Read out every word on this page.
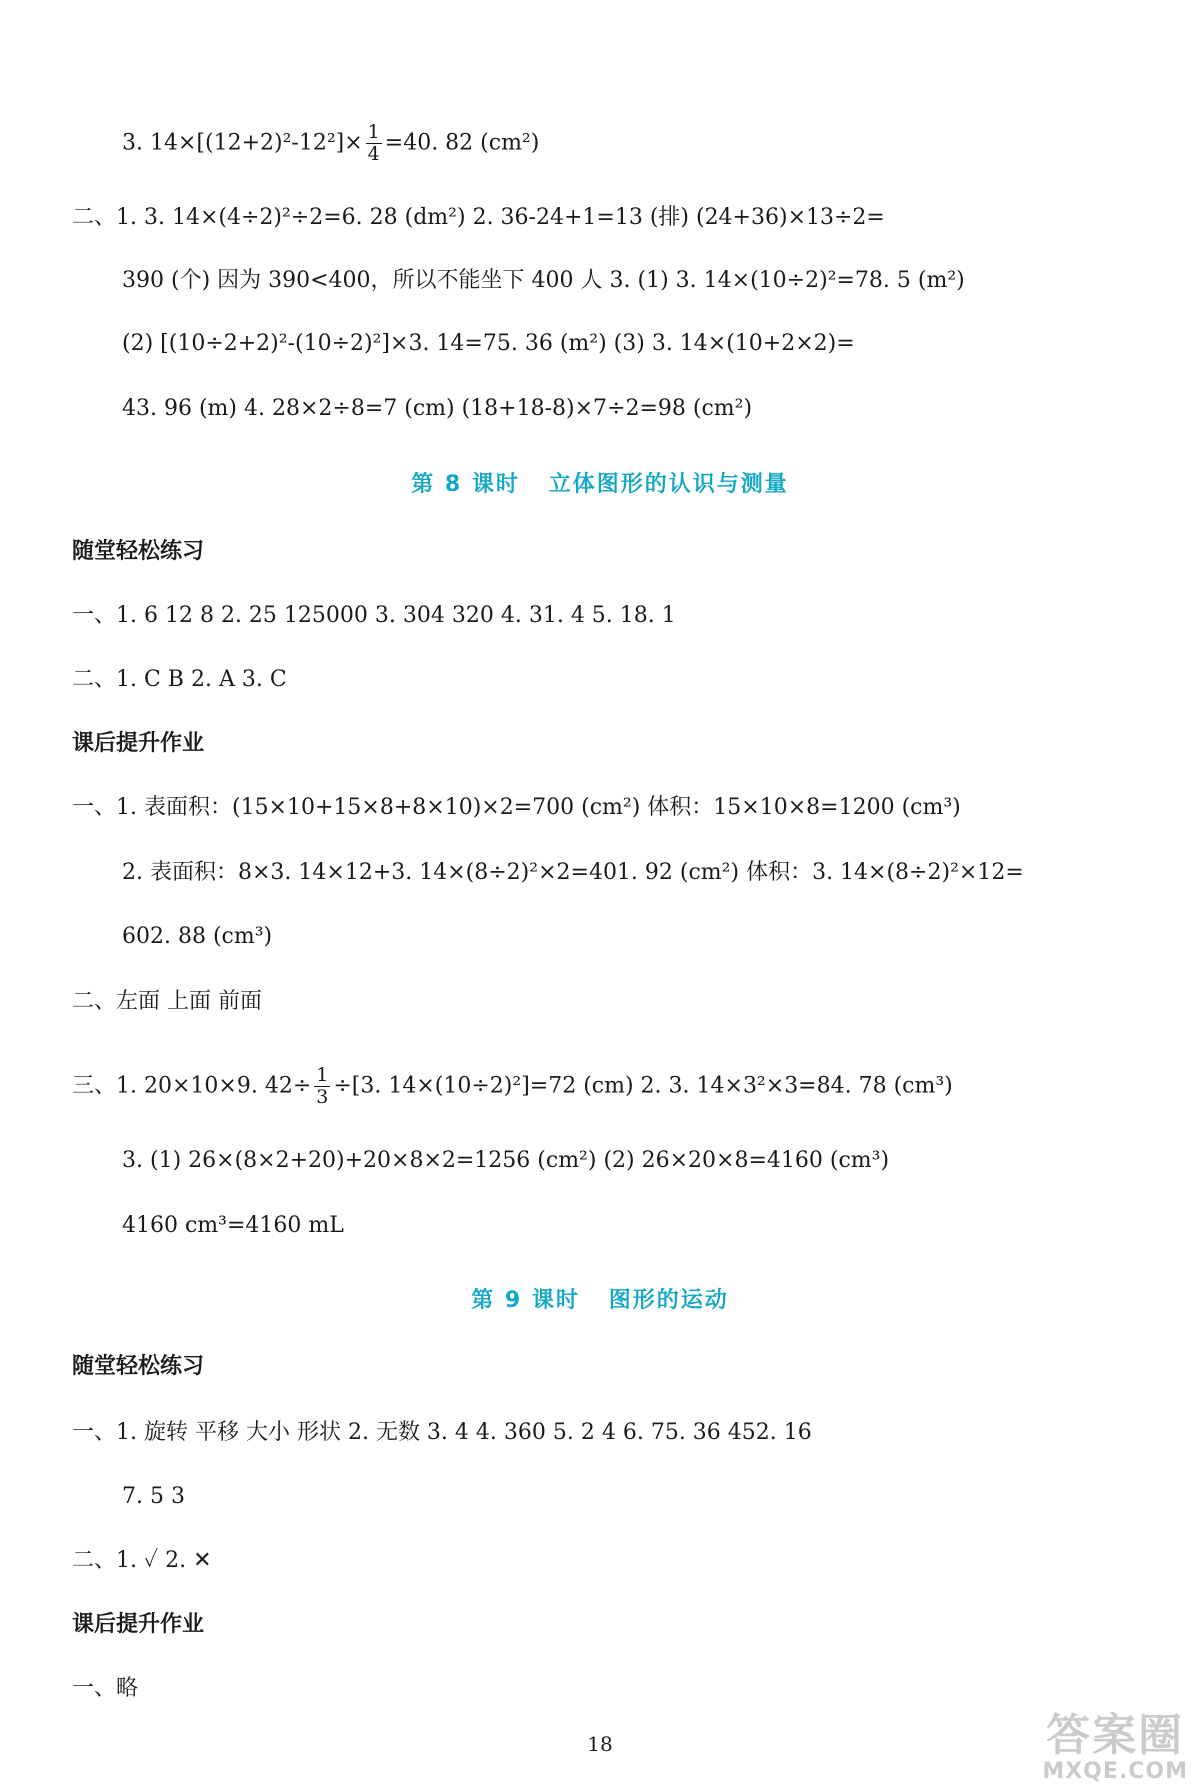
3. $14\times[(12+2)^2-12^2]\times \frac{1}{4} =40$. 82 (cm²)
二、1. 3. 14×(4÷2)²÷2=6. 28 (dm²) 2. 36-24+1=13 (排) (24+36)×13÷2=
390 (个) 因为 390<400，所以不能坐下 400 人 3. (1) 3. 14×(10÷2)²=78. 5 (m²)
(2) [(10÷2+2)²-(10÷2)²]×3. 14=75. 36 (m²) (3) 3. 14×(10+2×2)=
43. 96 (m) 4. 28×2÷8=7 (cm) (18+18-8)×7÷2=98 (cm²)
第 8 课时   立体图形的认识与测量
随堂轻松练习
一、1. 6 12 8 2. 25 125000 3. 304 320 4. 31. 4 5. 18. 1
二、1. C B 2. A 3. C
课后提升作业
一、1. 表面积：(15×10+15×8+8×10)×2=700 (cm²) 体积：15×10×8=1200 (cm³)
2. 表面积：8×3. 14×12+3. 14×(8÷2)²×2=401. 92 (cm²) 体积：3. 14×(8÷2)²×12=
602. 88 (cm³)
二、左面 上面 前面
三、1. 20×10×9. $42\div \frac{1}{3} \div[3$. 14×(10÷2)²]=72 (cm) 2. 3. 14×3²×3=84. 78 (cm³)
3. (1) 26×(8×2+20)+20×8×2=1256 (cm²) (2) 26×20×8=4160 (cm³)
4160 cm³=4160 mL
第 9 课时   图形的运动
随堂轻松练习
一、1. 旋转 平移 大小 形状 2. 无数 3. 4 4. 360 5. 2 4 6. 75. 36 452. 16
7. 5 3
二、1. ✓ 2. ✕
课后提升作业
一、略
18	答案圈
MXQE.COM
